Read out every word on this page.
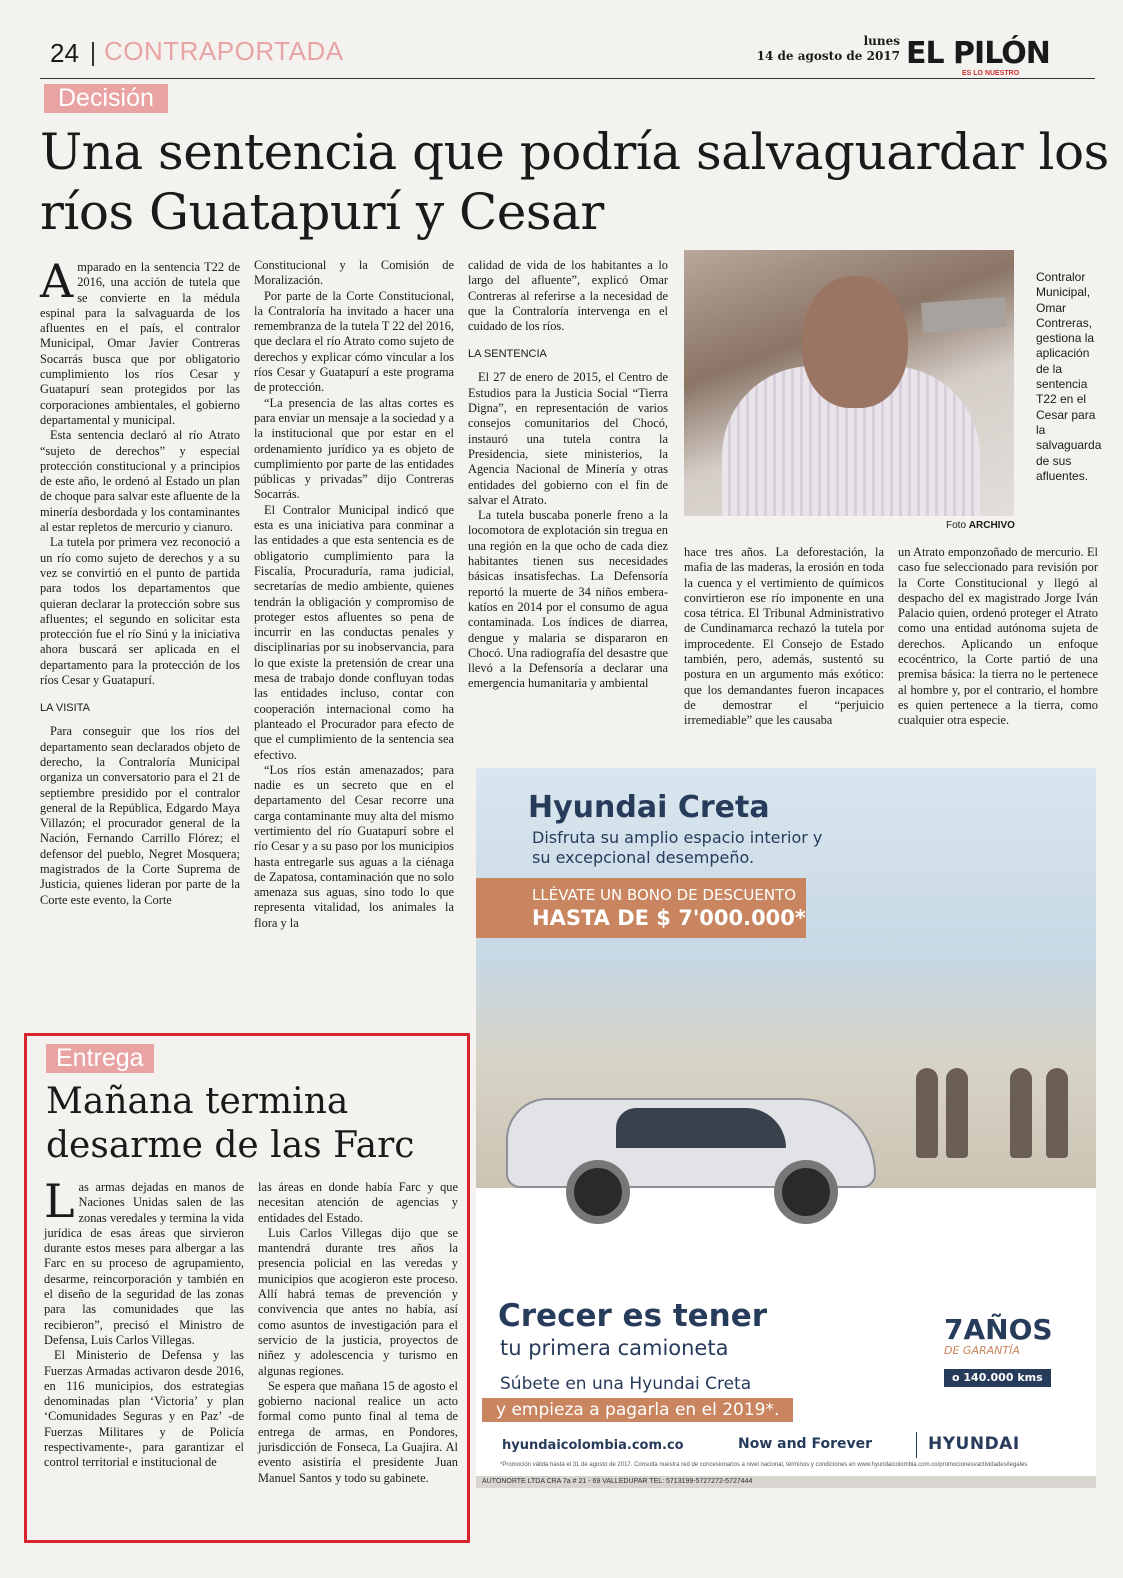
24 CONTRAPORTADA	lunes
14 de agosto de 2017 EL PILÓN
ES LO NUESTRO
Decisión
Una sentencia que podría salvaguardar los ríos Guatapurí y Cesar

Amparado en la sentencia T22 de 2016, una acción de tutela que se convierte en la médula espinal para la salvaguarda de los afluentes en el país, el contralor Municipal, Omar Javier Contreras Socarrás busca que por obligatorio cumplimiento los ríos Cesar y Guatapurí sean protegidos por las corporaciones ambientales, el gobierno departamental y municipal.

Esta sentencia declaró al río Atrato “sujeto de derechos” y especial protección constitucional y a principios de este año, le ordenó al Estado un plan de choque para salvar este afluente de la minería desbordada y los contaminantes al estar repletos de mercurio y cianuro.

La tutela por primera vez reconoció a un río como sujeto de derechos y a su vez se convirtió en el punto de partida para todos los departamentos que quieran declarar la protección sobre sus afluentes; el segundo en solicitar esta protección fue el río Sinú y la iniciativa ahora buscará ser aplicada en el departamento para la protección de los ríos Cesar y Guatapurí.

LA VISITA

Para conseguir que los ríos del departamento sean declarados objeto de derecho, la Contraloría Municipal organiza un conversatorio para el 21 de septiembre presidido por el contralor general de la República, Edgardo Maya Villazón; el procurador general de la Nación, Fernando Carrillo Flórez; el defensor del pueblo, Negret Mosquera; magistrados de la Corte Suprema de Justicia, quienes lideran por parte de la Corte este evento, la Corte

Constitucional y la Comisión de Moralización.

Por parte de la Corte Constitucional, la Contraloría ha invitado a hacer una remembranza de la tutela T 22 del 2016, que declara el río Atrato como sujeto de derechos y explicar cómo vincular a los ríos Cesar y Guatapurí a este programa de protección.

“La presencia de las altas cortes es para enviar un mensaje a la sociedad y a la institucional que por estar en el ordenamiento jurídico ya es objeto de cumplimiento por parte de las entidades públicas y privadas” dijo Contreras Socarrás.

El Contralor Municipal indicó que esta es una iniciativa para conminar a las entidades a que esta sentencia es de obligatorio cumplimiento para la Fiscalía, Procuraduría, rama judicial, secretarías de medio ambiente, quienes tendrán la obligación y compromiso de proteger estos afluentes so pena de incurrir en las conductas penales y disciplinarias por su inobservancia, para lo que existe la pretensión de crear una mesa de trabajo donde confluyan todas las entidades incluso, contar con cooperación internacional como ha planteado el Procurador para efecto de que el cumplimiento de la sentencia sea efectivo.

“Los ríos están amenazados; para nadie es un secreto que en el departamento del Cesar recorre una carga contaminante muy alta del mismo vertimiento del río Guatapurí sobre el río Cesar y a su paso por los municipios hasta entregarle sus aguas a la ciénaga de Zapatosa, contaminación que no solo amenaza sus aguas, sino todo lo que representa vitalidad, los animales la flora y la

calidad de vida de los habitantes a lo largo del afluente”, explicó Omar Contreras al referirse a la necesidad de que la Contraloría intervenga en el cuidado de los ríos.

LA SENTENCIA

El 27 de enero de 2015, el Centro de Estudios para la Justicia Social “Tierra Digna”, en representación de varios consejos comunitarios del Chocó, instauró una tutela contra la Presidencia, siete ministerios, la Agencia Nacional de Minería y otras entidades del gobierno con el fin de salvar el Atrato.

La tutela buscaba ponerle freno a la locomotora de explotación sin tregua en una región en la que ocho de cada diez habitantes tienen sus necesidades básicas insatisfechas. La Defensoría reportó la muerte de 34 niños embera-katíos en 2014 por el consumo de agua contaminada. Los índices de diarrea, dengue y malaria se dispararon en Chocó. Una radiografía del desastre que llevó a la Defensoría a declarar una emergencia humanitaria y ambiental

Contralor Municipal, Omar Contreras, gestiona la aplicación de la sentencia T22 en el Cesar para la salvaguarda de sus afluentes.
Foto ARCHIVO

hace tres años. La deforestación, la mafia de las maderas, la erosión en toda la cuenca y el vertimiento de químicos convirtieron ese río imponente en una cosa tétrica. El Tribunal Administrativo de Cundinamarca rechazó la tutela por improcedente. El Consejo de Estado también, pero, además, sustentó su postura en un argumento más exótico: que los demandantes fueron incapaces de demostrar el “perjuicio irremediable” que les causaba

un Atrato emponzoñado de mercurio. El caso fue seleccionado para revisión por la Corte Constitucional y llegó al despacho del ex magistrado Jorge Iván Palacio quien, ordenó proteger el Atrato como una entidad autónoma sujeta de derechos. Aplicando un enfoque ecocéntrico, la Corte partió de una premisa básica: la tierra no le pertenece al hombre y, por el contrario, el hombre es quien pertenece a la tierra, como cualquier otra especie.

Hyundai Creta
Disfruta su amplio espacio interior y su excepcional desempeño.
LLÉVATE UN BONO DE DESCUENTO
HASTA DE $ 7'000.000*
Crecer es tener
tu primera camioneta
Súbete en una Hyundai Creta
y empieza a pagarla en el 2019*.
7AÑOS
DE GARANTÍA
o 140.000 kms
hyundaicolombia.com.co	Now and Forever	HYUNDAI
*Promoción válida hasta el 31 de agosto de 2017. Consulta nuestra red de concesionarios a nivel nacional, términos y condiciones en www.hyundaicolombia.com.co/promocionesvactividades/legales
AUTONORTE LTDA CRA 7a # 21 - 69 VALLEDUPAR TEL: 5713199-5727272-5727444
Entrega
Mañana termina desarme de las Farc

Las armas dejadas en manos de Naciones Unidas salen de las zonas veredales y termina la vida jurídica de esas áreas que sirvieron durante estos meses para albergar a las Farc en su proceso de agrupamiento, desarme, reincorporación y también en el diseño de la seguridad de las zonas para las comunidades que las recibieron”, precisó el Ministro de Defensa, Luis Carlos Villegas.

El Ministerio de Defensa y las Fuerzas Armadas activaron desde 2016, en 116 municipios, dos estrategias denominadas plan ‘Victoria’ y plan ‘Comunidades Seguras y en Paz’ -de Fuerzas Militares y de Policía respectivamente-, para garantizar el control territorial e institucional de

las áreas en donde había Farc y que necesitan atención de agencias y entidades del Estado.

Luis Carlos Villegas dijo que se mantendrá durante tres años la presencia policial en las veredas y municipios que acogieron este proceso. Allí habrá temas de prevención y convivencia que antes no había, así como asuntos de investigación para el servicio de la justicia, proyectos de niñez y adolescencia y turismo en algunas regiones.

Se espera que mañana 15 de agosto el gobierno nacional realice un acto formal como punto final al tema de entrega de armas, en Pondores, jurisdicción de Fonseca, La Guajira. Al evento asistiría el presidente Juan Manuel Santos y todo su gabinete.
